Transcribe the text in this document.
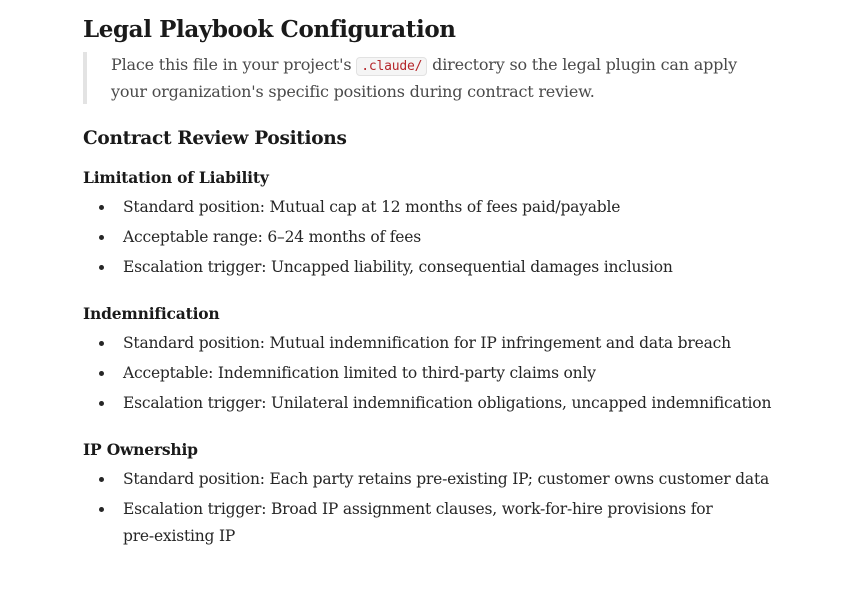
Legal Playbook Configuration
Place this file in your project's .claude/ directory so the legal plugin can apply your organization's specific positions during contract review.
Contract Review Positions
Limitation of Liability
Standard position: Mutual cap at 12 months of fees paid/payable
Acceptable range: 6–24 months of fees
Escalation trigger: Uncapped liability, consequential damages inclusion
Indemnification
Standard position: Mutual indemnification for IP infringement and data breach
Acceptable: Indemnification limited to third-party claims only
Escalation trigger: Unilateral indemnification obligations, uncapped indemnification
IP Ownership
Standard position: Each party retains pre-existing IP; customer owns customer data
Escalation trigger: Broad IP assignment clauses, work-for-hire provisions for pre-existing IP
